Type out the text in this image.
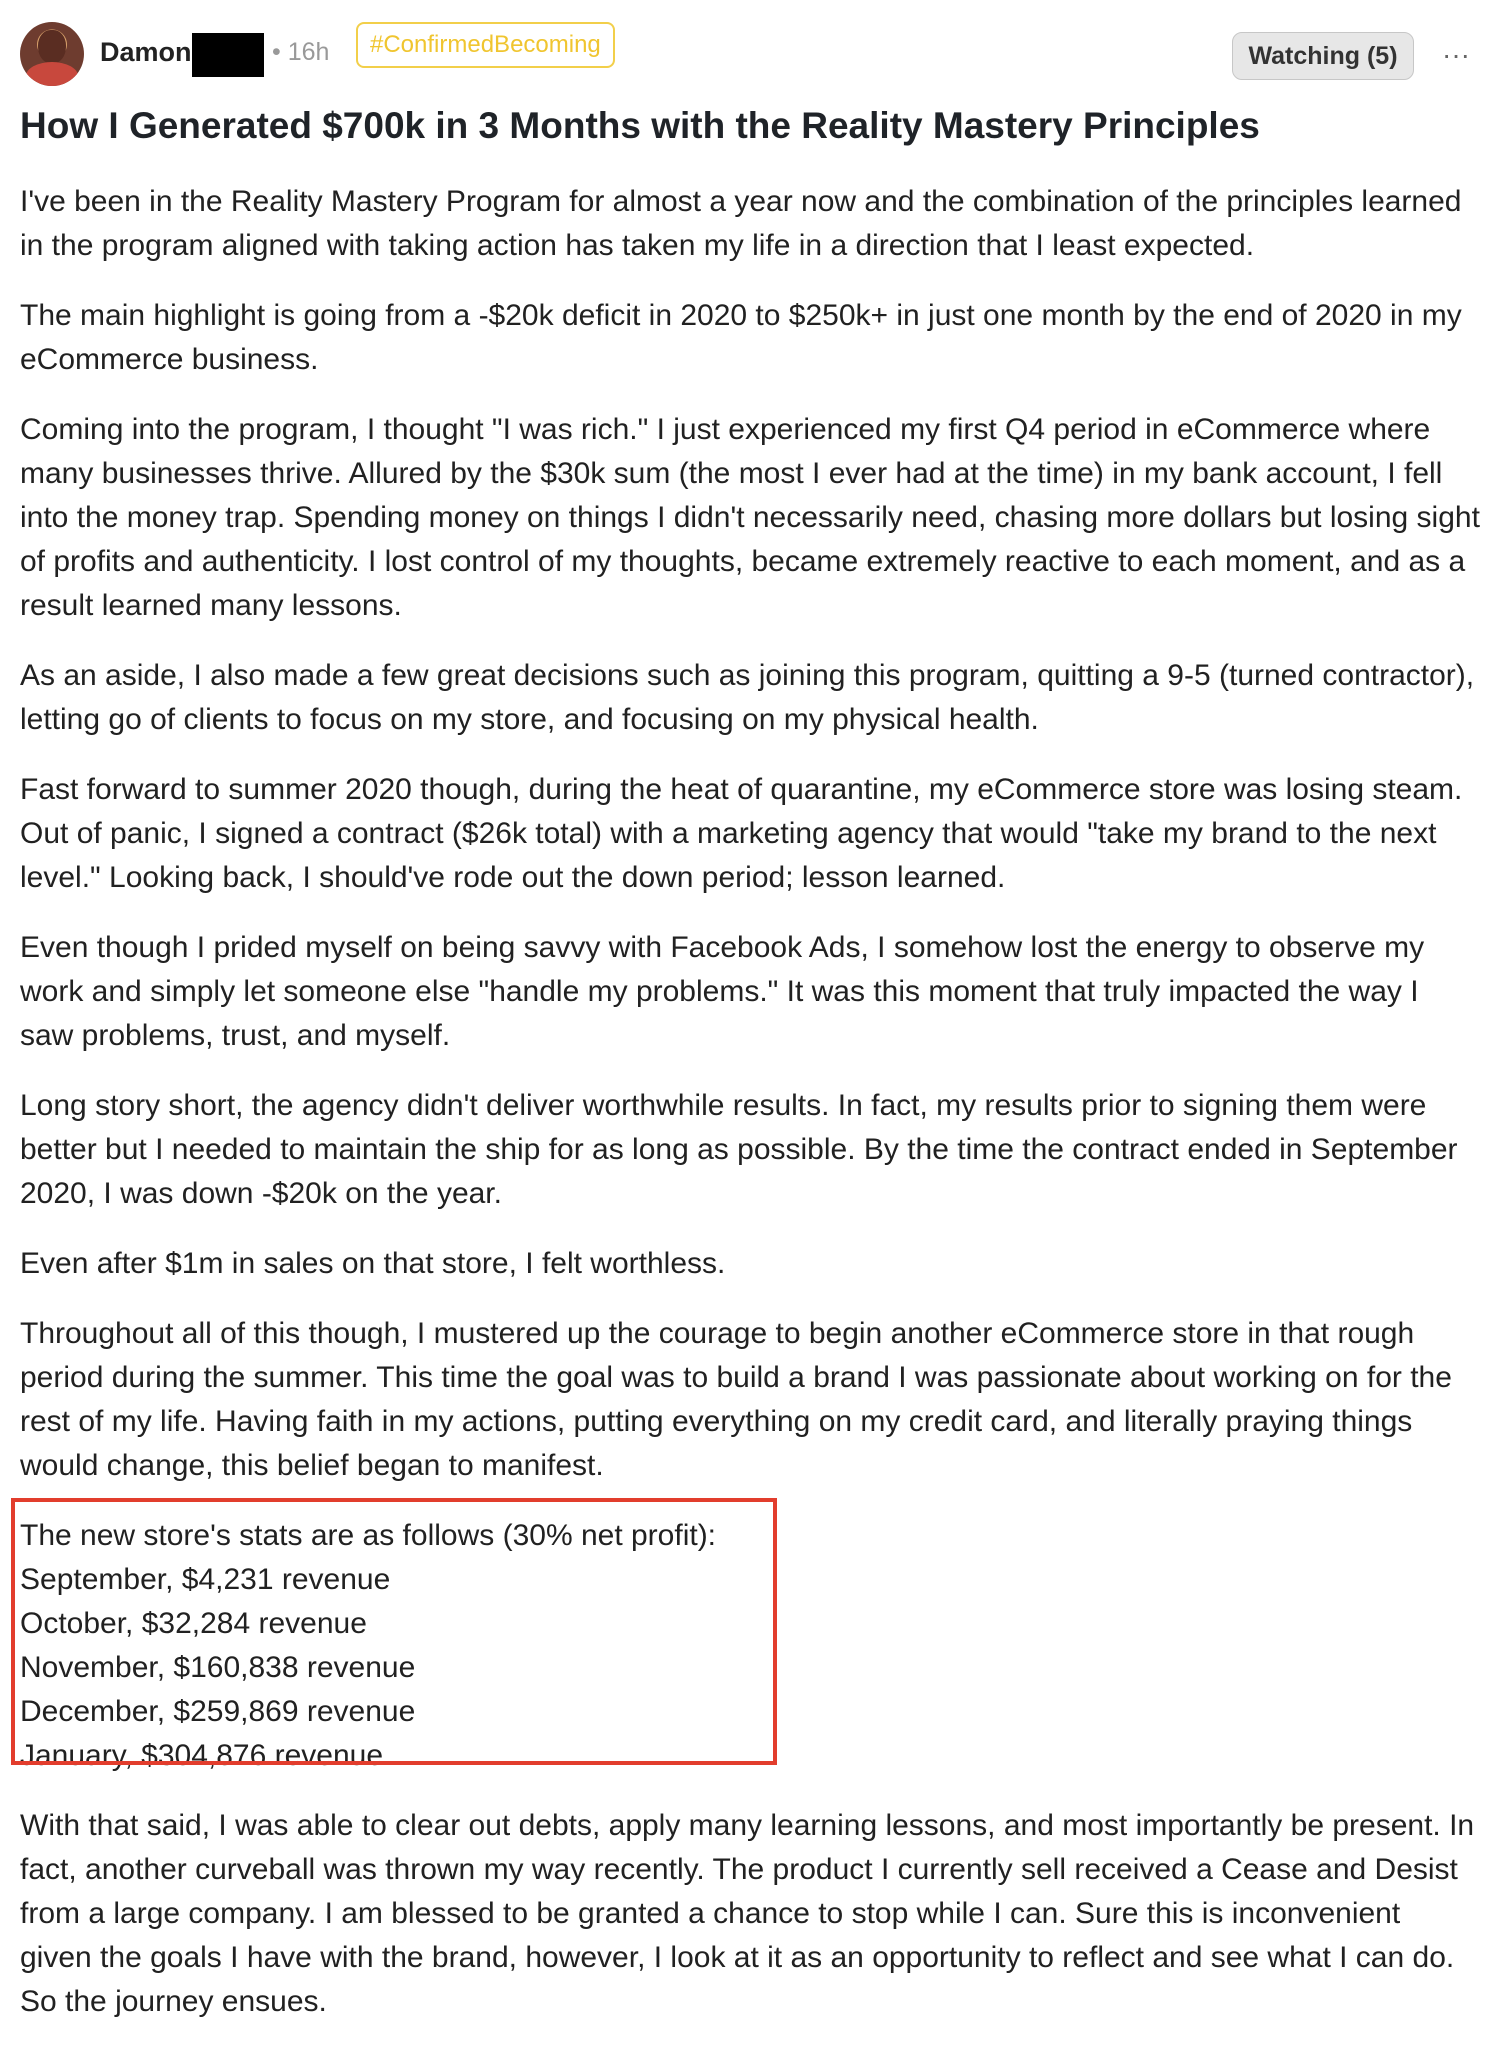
Damon	• 16h	#ConfirmedBecoming	Watching (5)	···
How I Generated $700k in 3 Months with the Reality Mastery Principles

I've been in the Reality Mastery Program for almost a year now and the combination of the principles learned in the program aligned with taking action has taken my life in a direction that I least expected.

The main highlight is going from a -$20k deficit in 2020 to $250k+ in just one month by the end of 2020 in my eCommerce business.

Coming into the program, I thought "I was rich." I just experienced my first Q4 period in eCommerce where many businesses thrive. Allured by the $30k sum (the most I ever had at the time) in my bank account, I fell into the money trap. Spending money on things I didn't necessarily need, chasing more dollars but losing sight of profits and authenticity. I lost control of my thoughts, became extremely reactive to each moment, and as a result learned many lessons.

As an aside, I also made a few great decisions such as joining this program, quitting a 9-5 (turned contractor), letting go of clients to focus on my store, and focusing on my physical health.

Fast forward to summer 2020 though, during the heat of quarantine, my eCommerce store was losing steam. Out of panic, I signed a contract ($26k total) with a marketing agency that would "take my brand to the next level." Looking back, I should've rode out the down period; lesson learned.

Even though I prided myself on being savvy with Facebook Ads, I somehow lost the energy to observe my work and simply let someone else "handle my problems." It was this moment that truly impacted the way I saw problems, trust, and myself.

Long story short, the agency didn't deliver worthwhile results. In fact, my results prior to signing them were better but I needed to maintain the ship for as long as possible. By the time the contract ended in September 2020, I was down -$20k on the year.

Even after $1m in sales on that store, I felt worthless.

Throughout all of this though, I mustered up the courage to begin another eCommerce store in that rough period during the summer. This time the goal was to build a brand I was passionate about working on for the rest of my life. Having faith in my actions, putting everything on my credit card, and literally praying things would change, this belief began to manifest.

The new store's stats are as follows (30% net profit):
September, $4,231 revenue
October, $32,284 revenue
November, $160,838 revenue
December, $259,869 revenue
January, $304,876 revenue

With that said, I was able to clear out debts, apply many learning lessons, and most importantly be present. In fact, another curveball was thrown my way recently. The product I currently sell received a Cease and Desist from a large company. I am blessed to be granted a chance to stop while I can. Sure this is inconvenient given the goals I have with the brand, however, I look at it as an opportunity to reflect and see what I can do. So the journey ensues.
